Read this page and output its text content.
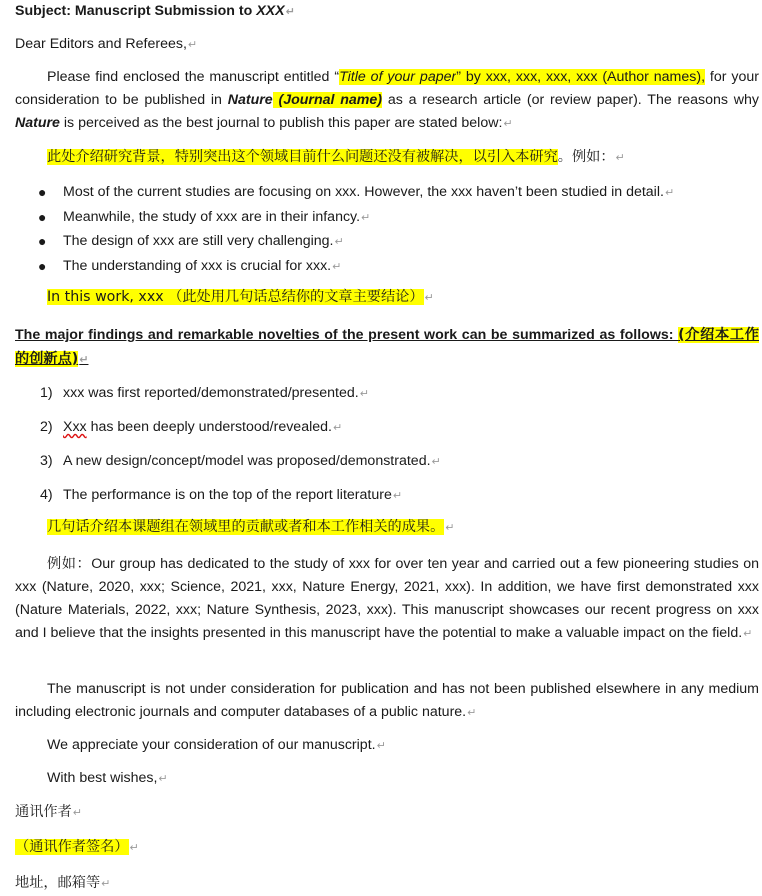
Subject: Manuscript Submission to XXX↵

Dear Editors and Referees,↵

Please find enclosed the manuscript entitled “Title of your paper” by xxx, xxx, xxx, xxx (Author names), for your consideration to be published in Nature (Journal name) as a research article (or review paper). The reasons why Nature is perceived as the best journal to publish this paper are stated below:↵

此处介绍研究背景，特别突出这个领域目前什么问题还没有被解决，以引入本研究。例如：↵

● Most of the current studies are focusing on xxx. However, the xxx haven’t been studied in detail.↵
● Meanwhile, the study of xxx are in their infancy.↵
● The design of xxx are still very challenging.↵
● The understanding of xxx is crucial for xxx.↵

In this work, xxx （此处用几句话总结你的文章主要结论）↵

The major findings and remarkable novelties of the present work can be summarized as follows: (介绍本工作的创新点)↵

1) xxx was first reported/demonstrated/presented.↵
2) Xxx has been deeply understood/revealed.↵
3) A new design/concept/model was proposed/demonstrated.↵
4) The performance is on the top of the report literature↵

几句话介绍本课题组在领域里的贡献或者和本工作相关的成果。↵

例如：Our group has dedicated to the study of xxx for over ten year and carried out a few pioneering studies on xxx (Nature, 2020, xxx; Science, 2021, xxx, Nature Energy, 2021, xxx). In addition, we have first demonstrated xxx (Nature Materials, 2022, xxx; Nature Synthesis, 2023, xxx). This manuscript showcases our recent progress on xxx and I believe that the insights presented in this manuscript have the potential to make a valuable impact on the field.↵

The manuscript is not under consideration for publication and has not been published elsewhere in any medium including electronic journals and computer databases of a public nature.↵

We appreciate your consideration of our manuscript.↵

With best wishes,↵

通讯作者↵

（通讯作者签名）↵

地址，邮箱等↵
